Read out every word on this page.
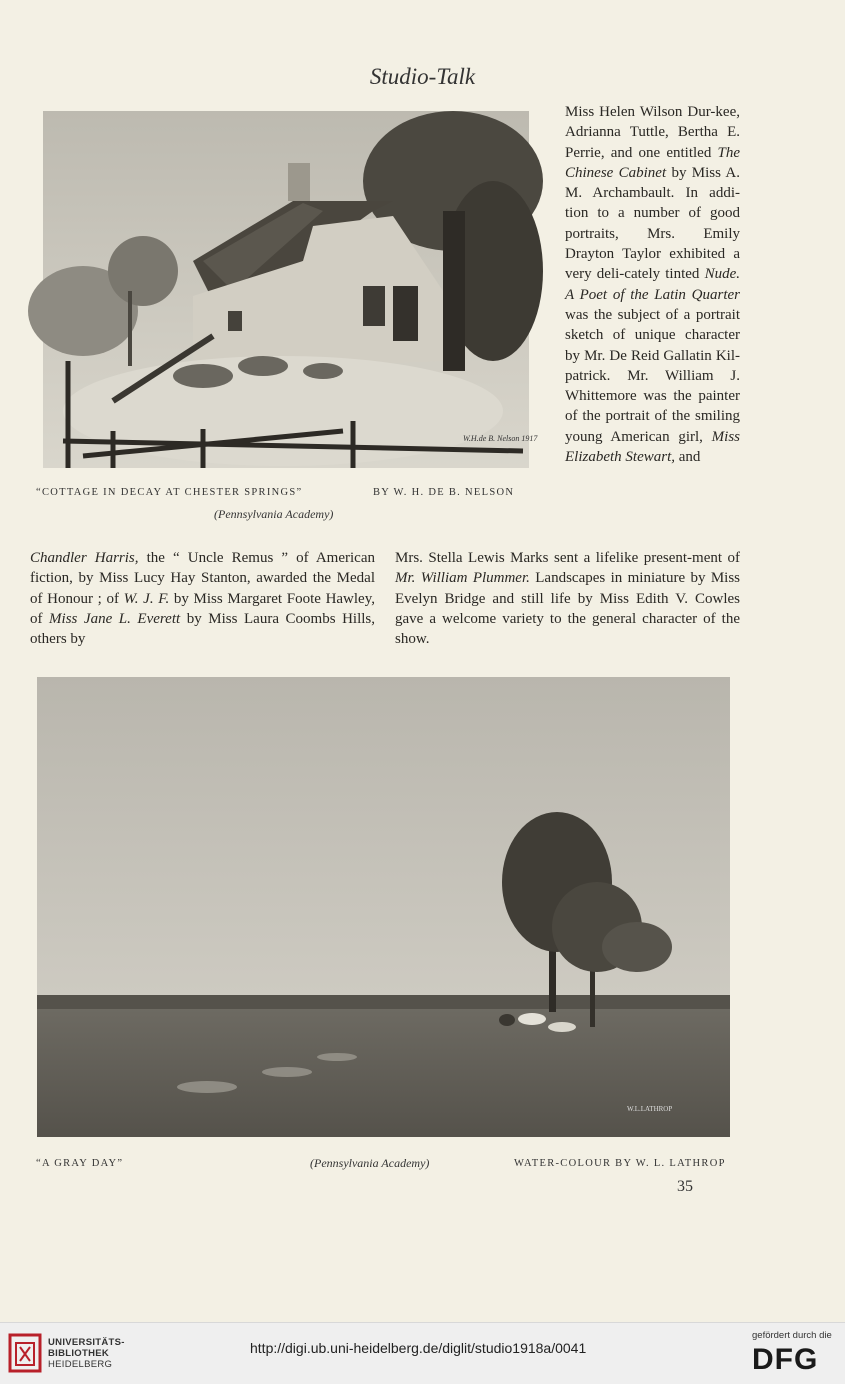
Studio-Talk
W.H.de B. Nelson 1917
“COTTAGE IN DECAY AT CHESTER SPRINGS”	BY W. H. DE B. NELSON
(Pennsylvania Academy)

Miss Helen Wilson Dur-kee, Adrianna Tuttle, Bertha E. Perrie, and one entitled The Chinese Cabinet by Miss A. M. Archambault. In addi-tion to a number of good portraits, Mrs. Emily Drayton Taylor exhibited a very deli-cately tinted Nude. A Poet of the Latin Quarter was the subject of a portrait sketch of unique character by Mr. De Reid Gallatin Kil-patrick. Mr. William J. Whittemore was the painter of the portrait of the smiling young American girl, Miss Elizabeth Stewart, and

Chandler Harris, the “ Uncle Remus ” of American fiction, by Miss Lucy Hay Stanton, awarded the Medal of Honour ; of W. J. F. by Miss Margaret Foote Hawley, of Miss Jane L. Everett by Miss Laura Coombs Hills, others by

Mrs. Stella Lewis Marks sent a lifelike present-ment of Mr. William Plummer. Landscapes in miniature by Miss Evelyn Bridge and still life by Miss Edith V. Cowles gave a welcome variety to the general character of the show.

W.L.LATHROP
“A GRAY DAY”	(Pennsylvania Academy)	WATER-COLOUR BY W. L. LATHROP
35
UNIVERSITÄTS-
BIBLIOTHEK
HEIDELBERG
http://digi.ub.uni-heidelberg.de/diglit/studio1918a/0041
gefördert durch die
DFG
